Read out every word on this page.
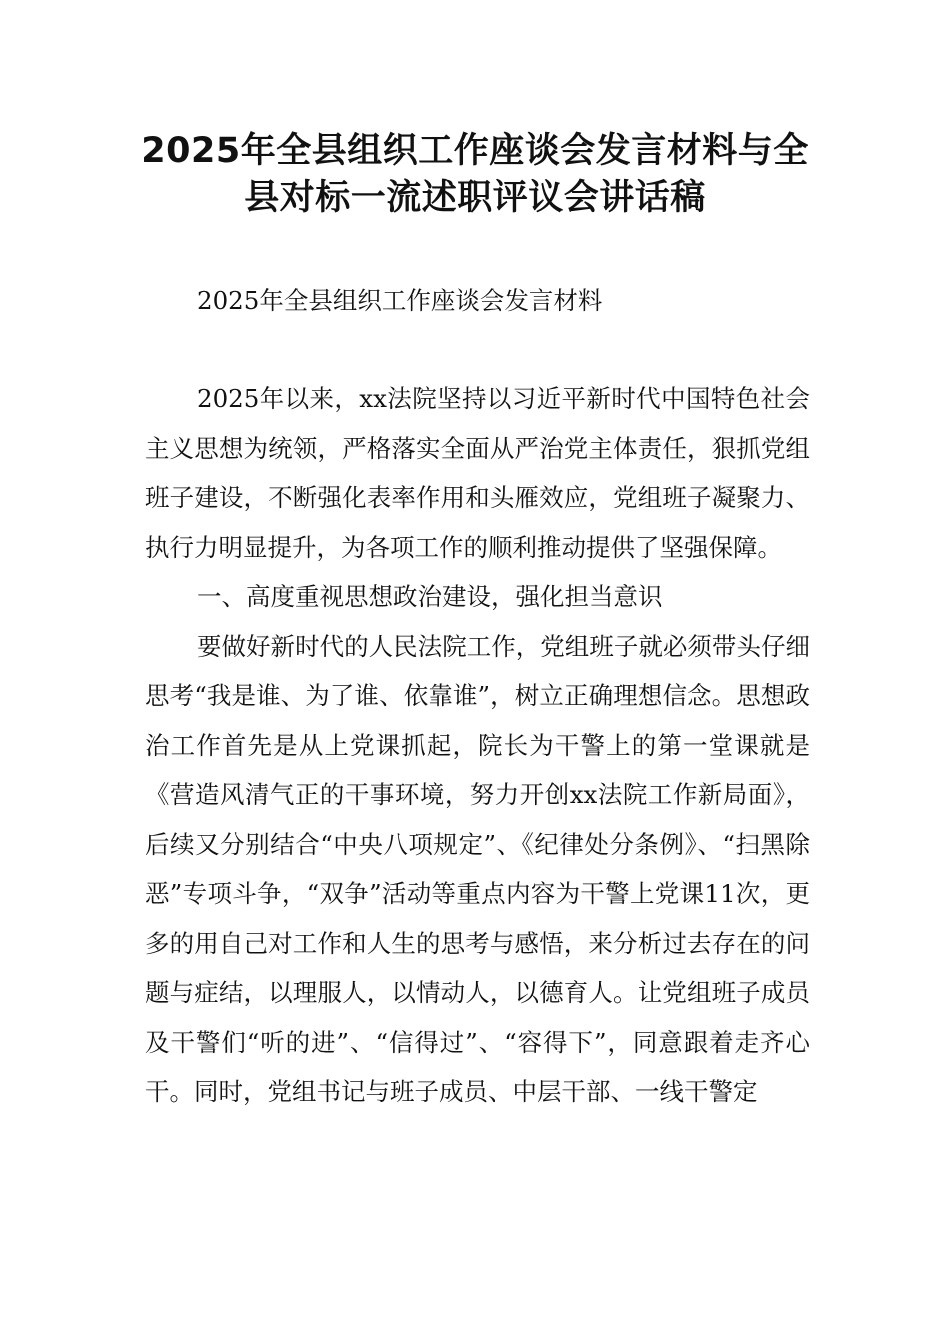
2025年全县组织工作座谈会发言材料与全
县对标一流述职评议会讲话稿

2025年全县组织工作座谈会发言材料

2025年以来，xx法院坚持以习近平新时代中国特色社会主义思想为统领，严格落实全面从严治党主体责任，狠抓党组班子建设，不断强化表率作用和头雁效应，党组班子凝聚力、执行力明显提升，为各项工作的顺利推动提供了坚强保障。

一、高度重视思想政治建设，强化担当意识

要做好新时代的人民法院工作，党组班子就必须带头仔细思考“我是谁、为了谁、依靠谁”，树立正确理想信念。思想政治工作首先是从上党课抓起，院长为干警上的第一堂课就是《营造风清气正的干事环境，努力开创xx法院工作新局面》，后续又分别结合“中央八项规定”、《纪律处分条例》、“扫黑除恶”专项斗争，“双争”活动等重点内容为干警上党课11次，更多的用自己对工作和人生的思考与感悟，来分析过去存在的问题与症结，以理服人，以情动人，以德育人。让党组班子成员及干警们“听的进”、“信得过”、“容得下”，同意跟着走齐心干。同时，党组书记与班子成员、中层干部、一线干警定
